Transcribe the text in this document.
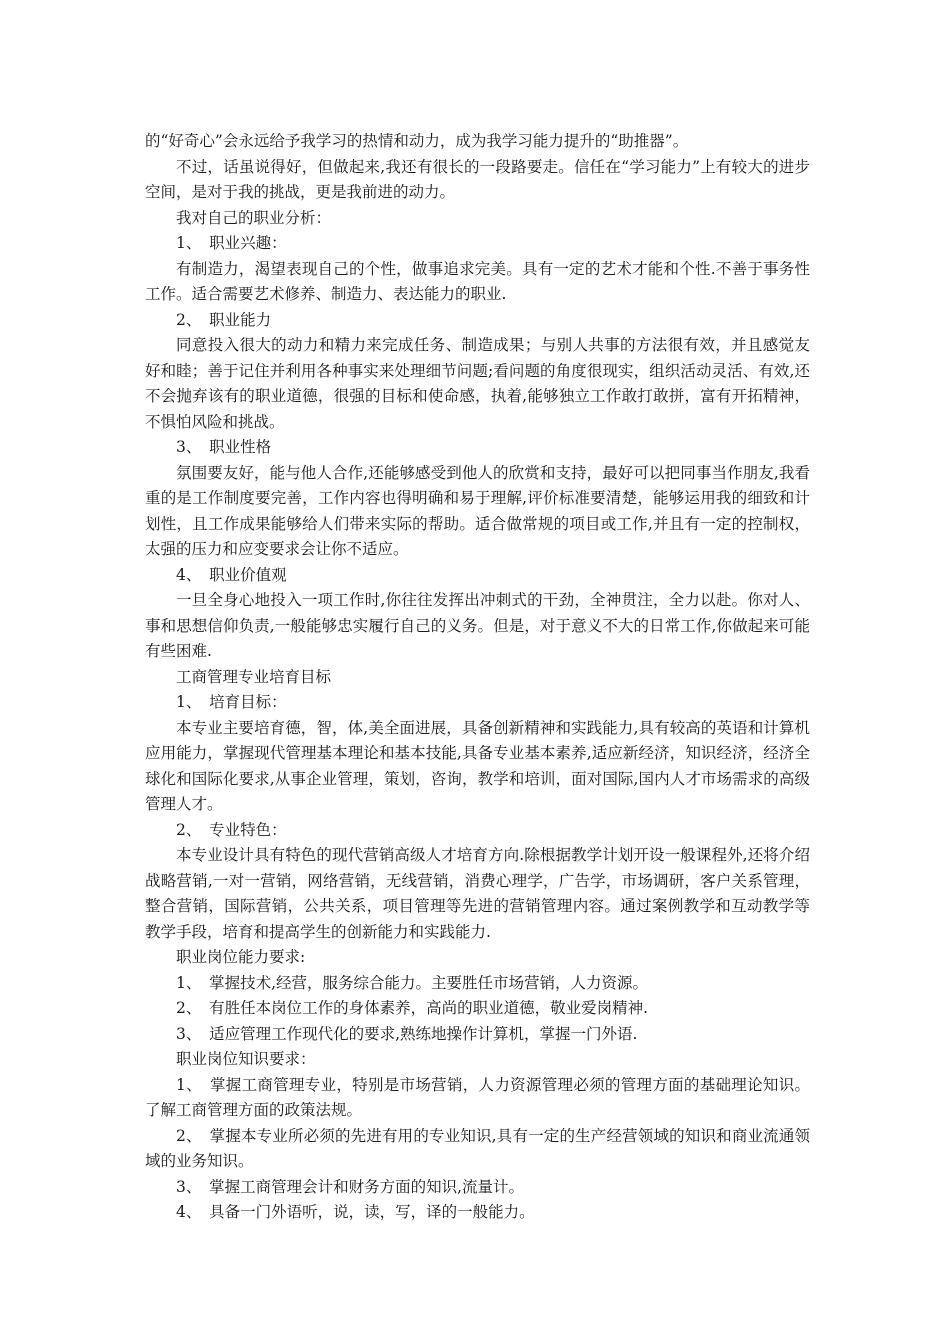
的“好奇心”会永远给予我学习的热情和动力，成为我学习能力提升的“助推器”。

不过，话虽说得好，但做起来,我还有很长的一段路要走。信任在“学习能力”上有较大的进步空间，是对于我的挑战，更是我前进的动力。

我对自己的职业分析：

1、　职业兴趣：

有制造力，渴望表现自己的个性，做事追求完美。具有一定的艺术才能和个性.不善于事务性工作。适合需要艺术修养、制造力、表达能力的职业.

2、　职业能力

同意投入很大的动力和精力来完成任务、制造成果；与别人共事的方法很有效，并且感觉友好和睦；善于记住并利用各种事实来处理细节问题;看问题的角度很现实，组织活动灵活、有效,还不会抛弃该有的职业道德，很强的目标和使命感，执着,能够独立工作敢打敢拼，富有开拓精神，不惧怕风险和挑战。

3、　职业性格

氛围要友好，能与他人合作,还能够感受到他人的欣赏和支持，最好可以把同事当作朋友,我看重的是工作制度要完善，工作内容也得明确和易于理解,评价标准要清楚，能够运用我的细致和计划性，且工作成果能够给人们带来实际的帮助。适合做常规的项目或工作,并且有一定的控制权，太强的压力和应变要求会让你不适应。

4、　职业价值观

一旦全身心地投入一项工作时,你往往发挥出冲刺式的干劲，全神贯注，全力以赴。你对人、事和思想信仰负责,一般能够忠实履行自己的义务。但是，对于意义不大的日常工作,你做起来可能有些困难.

工商管理专业培育目标

1、　培育目标：

本专业主要培育德，智，体,美全面进展，具备创新精神和实践能力,具有较高的英语和计算机应用能力，掌握现代管理基本理论和基本技能,具备专业基本素养,适应新经济，知识经济，经济全球化和国际化要求,从事企业管理，策划，咨询，教学和培训，面对国际,国内人才市场需求的高级管理人才。

2、　专业特色：

本专业设计具有特色的现代营销高级人才培育方向.除根据教学计划开设一般课程外,还将介绍战略营销,一对一营销，网络营销，无线营销，消费心理学，广告学，市场调研，客户关系管理，整合营销，国际营销，公共关系，项目管理等先进的营销管理内容。通过案例教学和互动教学等教学手段，培育和提高学生的创新能力和实践能力.

职业岗位能力要求:

1、　掌握技术,经营，服务综合能力。主要胜任市场营销，人力资源。

2、　有胜任本岗位工作的身体素养，高尚的职业道德，敬业爱岗精神.

3、　适应管理工作现代化的要求,熟练地操作计算机，掌握一门外语.

职业岗位知识要求：

1、　掌握工商管理专业，特别是市场营销，人力资源管理必须的管理方面的基础理论知识。了解工商管理方面的政策法规。

2、　掌握本专业所必须的先进有用的专业知识,具有一定的生产经营领域的知识和商业流通领域的业务知识。

3、　掌握工商管理会计和财务方面的知识,流量计。

4、　具备一门外语听，说，读，写，译的一般能力。
